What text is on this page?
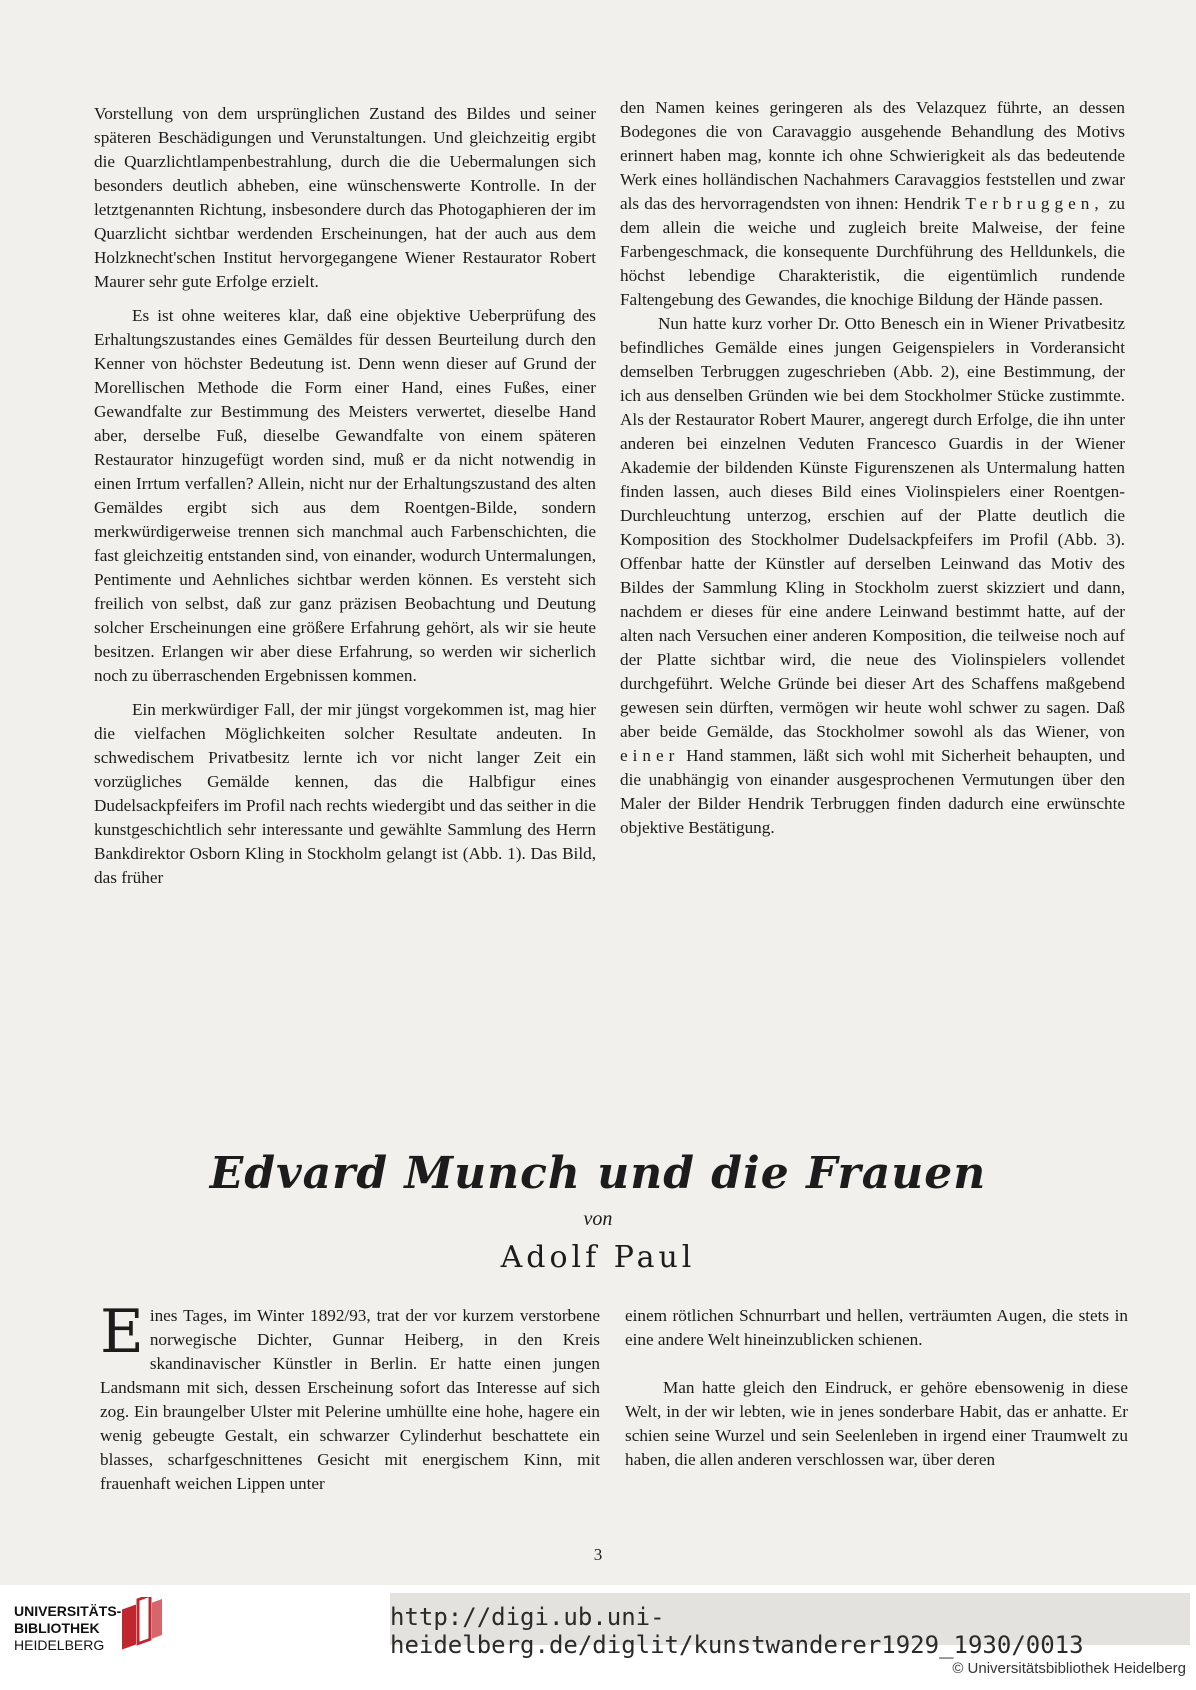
Vorstellung von dem ursprünglichen Zustand des Bildes und seiner späteren Beschädigungen und Verunstaltungen. Und gleichzeitig ergibt die Quarzlichtlampenbestrahlung, durch die die Uebermalungen sich besonders deutlich abheben, eine wünschenswerte Kontrolle. In der letztgenannten Richtung, insbesondere durch das Photogaphieren der im Quarzlicht sichtbar werdenden Erscheinungen, hat der auch aus dem Holzknecht'schen Institut hervorgegangene Wiener Restaurator Robert Maurer sehr gute Erfolge erzielt.

Es ist ohne weiteres klar, daß eine objektive Ueberprüfung des Erhaltungszustandes eines Gemäldes für dessen Beurteilung durch den Kenner von höchster Bedeutung ist. Denn wenn dieser auf Grund der Morellischen Methode die Form einer Hand, eines Fußes, einer Gewandfalte zur Bestimmung des Meisters verwertet, dieselbe Hand aber, derselbe Fuß, dieselbe Gewandfalte von einem späteren Restaurator hinzugefügt worden sind, muß er da nicht notwendig in einen Irrtum verfallen? Allein, nicht nur der Erhaltungszustand des alten Gemäldes ergibt sich aus dem Roentgen-Bilde, sondern merkwürdigerweise trennen sich manchmal auch Farbenschichten, die fast gleichzeitig entstanden sind, von einander, wodurch Untermalungen, Pentimente und Aehnliches sichtbar werden können. Es versteht sich freilich von selbst, daß zur ganz präzisen Beobachtung und Deutung solcher Erscheinungen eine größere Erfahrung gehört, als wir sie heute besitzen. Erlangen wir aber diese Erfahrung, so werden wir sicherlich noch zu überraschenden Ergebnissen kommen.

Ein merkwürdiger Fall, der mir jüngst vorgekommen ist, mag hier die vielfachen Möglichkeiten solcher Resultate andeuten. In schwedischem Privatbesitz lernte ich vor nicht langer Zeit ein vorzügliches Gemälde kennen, das die Halbfigur eines Dudelsackpfeifers im Profil nach rechts wiedergibt und das seither in die kunstgeschichtlich sehr interessante und gewählte Sammlung des Herrn Bankdirektor Osborn Kling in Stockholm gelangt ist (Abb. 1). Das Bild, das früher

den Namen keines geringeren als des Velazquez führte, an dessen Bodegones die von Caravaggio ausgehende Behandlung des Motivs erinnert haben mag, konnte ich ohne Schwierigkeit als das bedeutende Werk eines holländischen Nachahmers Caravaggios feststellen und zwar als das des hervorragendsten von ihnen: Hendrik Terbruggen, zu dem allein die weiche und zugleich breite Malweise, der feine Farbengeschmack, die konsequente Durchführung des Helldunkels, die höchst lebendige Charakteristik, die eigentümlich rundende Faltengebung des Gewandes, die knochige Bildung der Hände passen.

Nun hatte kurz vorher Dr. Otto Benesch ein in Wiener Privatbesitz befindliches Gemälde eines jungen Geigenspielers in Vorderansicht demselben Terbruggen zugeschrieben (Abb. 2), eine Bestimmung, der ich aus denselben Gründen wie bei dem Stockholmer Stücke zustimmte. Als der Restaurator Robert Maurer, angeregt durch Erfolge, die ihn unter anderen bei einzelnen Veduten Francesco Guardis in der Wiener Akademie der bildenden Künste Figurenszenen als Untermalung hatten finden lassen, auch dieses Bild eines Violinspielers einer Roentgen-Durchleuchtung unterzog, erschien auf der Platte deutlich die Komposition des Stockholmer Dudelsackpfeifers im Profil (Abb. 3). Offenbar hatte der Künstler auf derselben Leinwand das Motiv des Bildes der Sammlung Kling in Stockholm zuerst skizziert und dann, nachdem er dieses für eine andere Leinwand bestimmt hatte, auf der alten nach Versuchen einer anderen Komposition, die teilweise noch auf der Platte sichtbar wird, die neue des Violinspielers vollendet durchgeführt. Welche Gründe bei dieser Art des Schaffens maßgebend gewesen sein dürften, vermögen wir heute wohl schwer zu sagen. Daß aber beide Gemälde, das Stockholmer sowohl als das Wiener, von einer Hand stammen, läßt sich wohl mit Sicherheit behaupten, und die unabhängig von einander ausgesprochenen Vermutungen über den Maler der Bilder Hendrik Terbruggen finden dadurch eine erwünschte objektive Bestätigung.

Edvard Munch und die Frauen
von
Adolf Paul

Eines Tages, im Winter 1892/93, trat der vor kurzem verstorbene norwegische Dichter, Gunnar Heiberg, in den Kreis skandinavischer Künstler in Berlin. Er hatte einen jungen Landsmann mit sich, dessen Erscheinung sofort das Interesse auf sich zog. Ein braungelber Ulster mit Pelerine umhüllte eine hohe, hagere ein wenig gebeugte Gestalt, ein schwarzer Cylinderhut beschattete ein blasses, scharfgeschnittenes Gesicht mit energischem Kinn, mit frauenhaft weichen Lippen unter

einem rötlichen Schnurrbart und hellen, verträumten Augen, die stets in eine andere Welt hineinzublicken schienen.

Man hatte gleich den Eindruck, er gehöre ebensowenig in diese Welt, in der wir lebten, wie in jenes sonderbare Habit, das er anhatte. Er schien seine Wurzel und sein Seelenleben in irgend einer Traumwelt zu haben, die allen anderen verschlossen war, über deren

3
UNIVERSITÄTS-
BIBLIOTHEK
HEIDELBERG
http://digi.ub.uni-heidelberg.de/diglit/kunstwanderer1929_1930/0013
© Universitätsbibliothek Heidelberg
